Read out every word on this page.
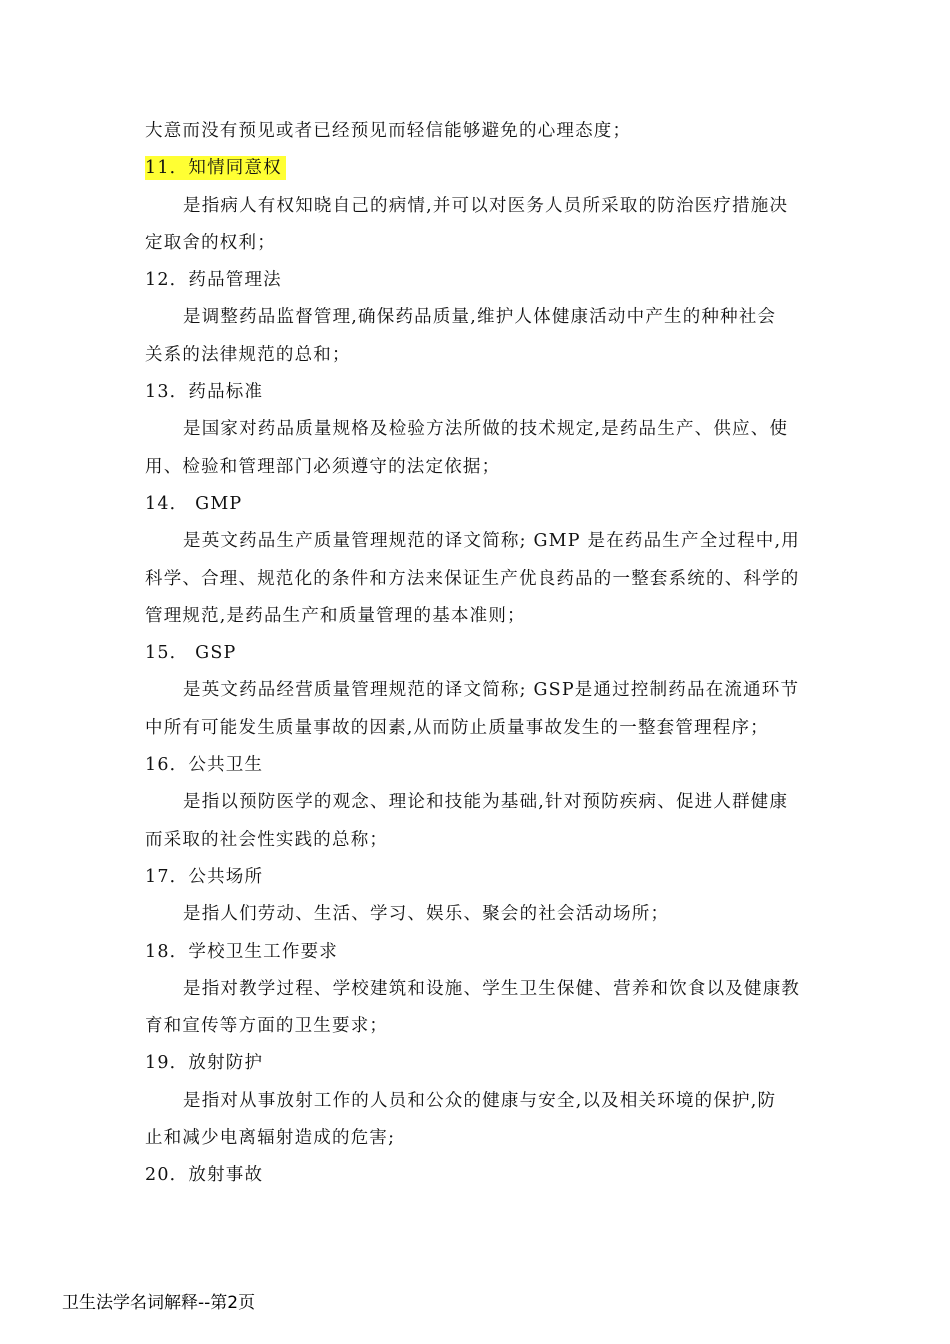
大意而没有预见或者已经预见而轻信能够避免的心理态度；
11．知情同意权
是指病人有权知晓自己的病情,并可以对医务人员所采取的防治医疗措施决
定取舍的权利；
12．药品管理法
是调整药品监督管理,确保药品质量,维护人体健康活动中产生的种种社会
关系的法律规范的总和；
13．药品标准
是国家对药品质量规格及检验方法所做的技术规定,是药品生产、供应、使
用、检验和管理部门必须遵守的法定依据；
14． GMP
是英文药品生产质量管理规范的译文简称; GMP 是在药品生产全过程中,用
科学、合理、规范化的条件和方法来保证生产优良药品的一整套系统的、科学的
管理规范,是药品生产和质量管理的基本准则；
15． GSP
是英文药品经营质量管理规范的译文简称; GSP是通过控制药品在流通环节
中所有可能发生质量事故的因素,从而防止质量事故发生的一整套管理程序；
16．公共卫生
是指以预防医学的观念、理论和技能为基础,针对预防疾病、促进人群健康
而采取的社会性实践的总称；
17．公共场所
是指人们劳动、生活、学习、娱乐、聚会的社会活动场所；
18．学校卫生工作要求
是指对教学过程、学校建筑和设施、学生卫生保健、营养和饮食以及健康教
育和宣传等方面的卫生要求；
19．放射防护
是指对从事放射工作的人员和公众的健康与安全,以及相关环境的保护,防
止和减少电离辐射造成的危害;
20．放射事故
卫生法学名词解释--第2页
